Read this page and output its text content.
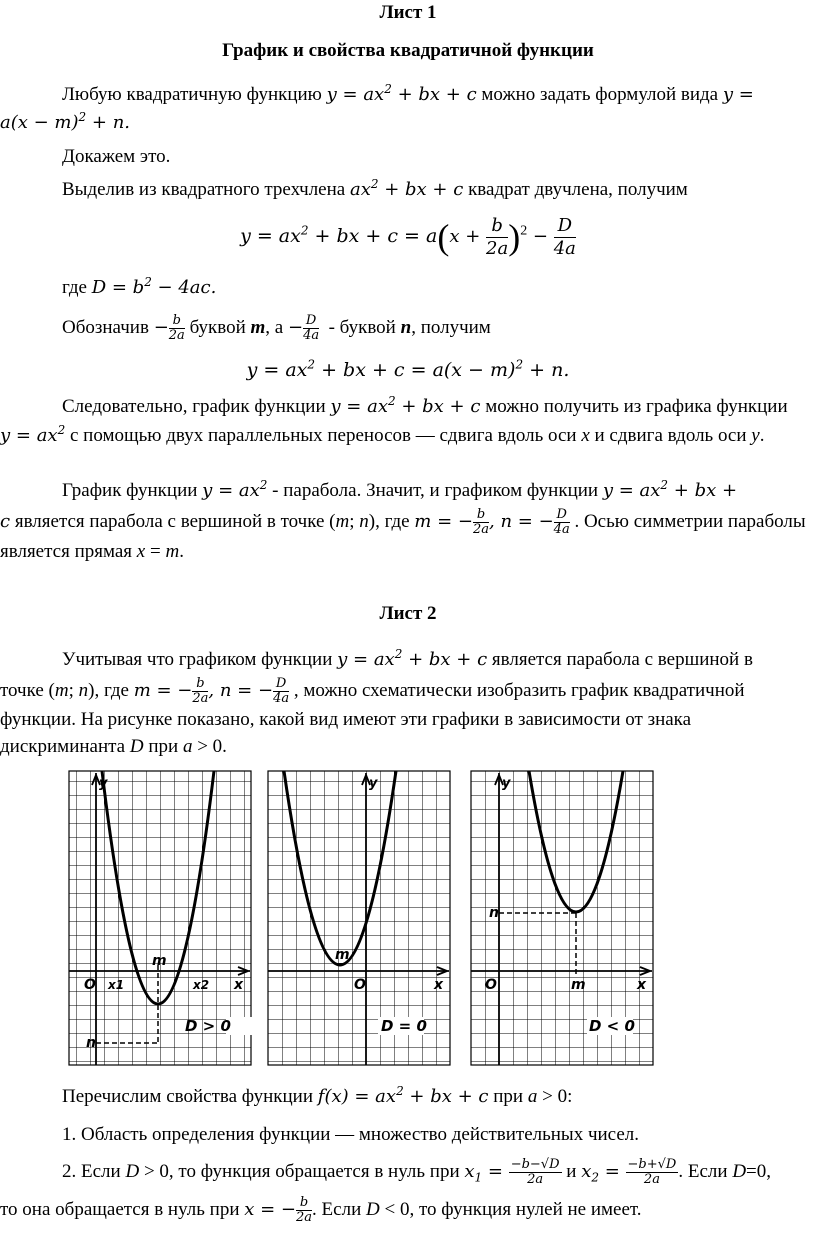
Лист 1
График и свойства квадратичной функции
Любую квадратичную функцию $y = ax^2$ + bx + c можно задать формулой вида y =

$a(x - m)^2 + n$.
Докажем это.
Выделив из квадратного трехчлена $ax^2$ + bx + c квадрат двучлена, получим
$y = ax^2$ + bx + $c = a(x + \frac{b}{2a} )^2 - \frac{D}{4a}$
где $D = b^2 - 4ac$.
Обозначив − $\frac{b}{2a}$ буквой m, $а - \frac{D}{4a}$ - буквой n, получим
$y = ax^2$ + bx + $c = a(x - m)^2 + n$.
Следовательно, график функции $y = ax^2$ + bx + c можно получить из графика функции
$y = ax^2$ с помощью двух параллельных переносов — сдвига вдоль оси x и сдвига вдоль оси y.
График функции $y = ax^2$ - парабола. Значит, и графиком функции $y = ax^2$ + bx +
c является парабола с вершиной в точке (m; n), где m = − $\frac{b}{2a}$ , n = − $\frac{D}{4a}$ . Осью симметрии параболы является прямая x = m.
Лист 2
Учитывая что графиком функции $y = ax^2$ + bx + c является парабола с вершиной в
точке (m; n), где m = − $\frac{b}{2a}$ , n = − $\frac{D}{4a}$ , можно схематически изобразить график квадратичной
функции. На рисунке показано, какой вид имеют эти графики в зависимости от знака
дискриминанта D при a > 0.
y
O	x
m
n
x1	x2
D > 0
y
O	x
m
D = 0
y
O	x
m
n
D < 0
Перечислим свойства функции $f(x) = ax^2$ + bx + c при a > 0:
1. Область определения функции — множество действительных чисел.
2. Если D > 0, то функция обращается в нуль при $x_1 = \frac{-b-√D}{2a}$ и $x_2 = \frac{-b+√D}{2a}$ . Если D=0,
то она обращается в нуль при x = − $\frac{b}{2a}$ . Если D < 0, то функция нулей не имеет.
